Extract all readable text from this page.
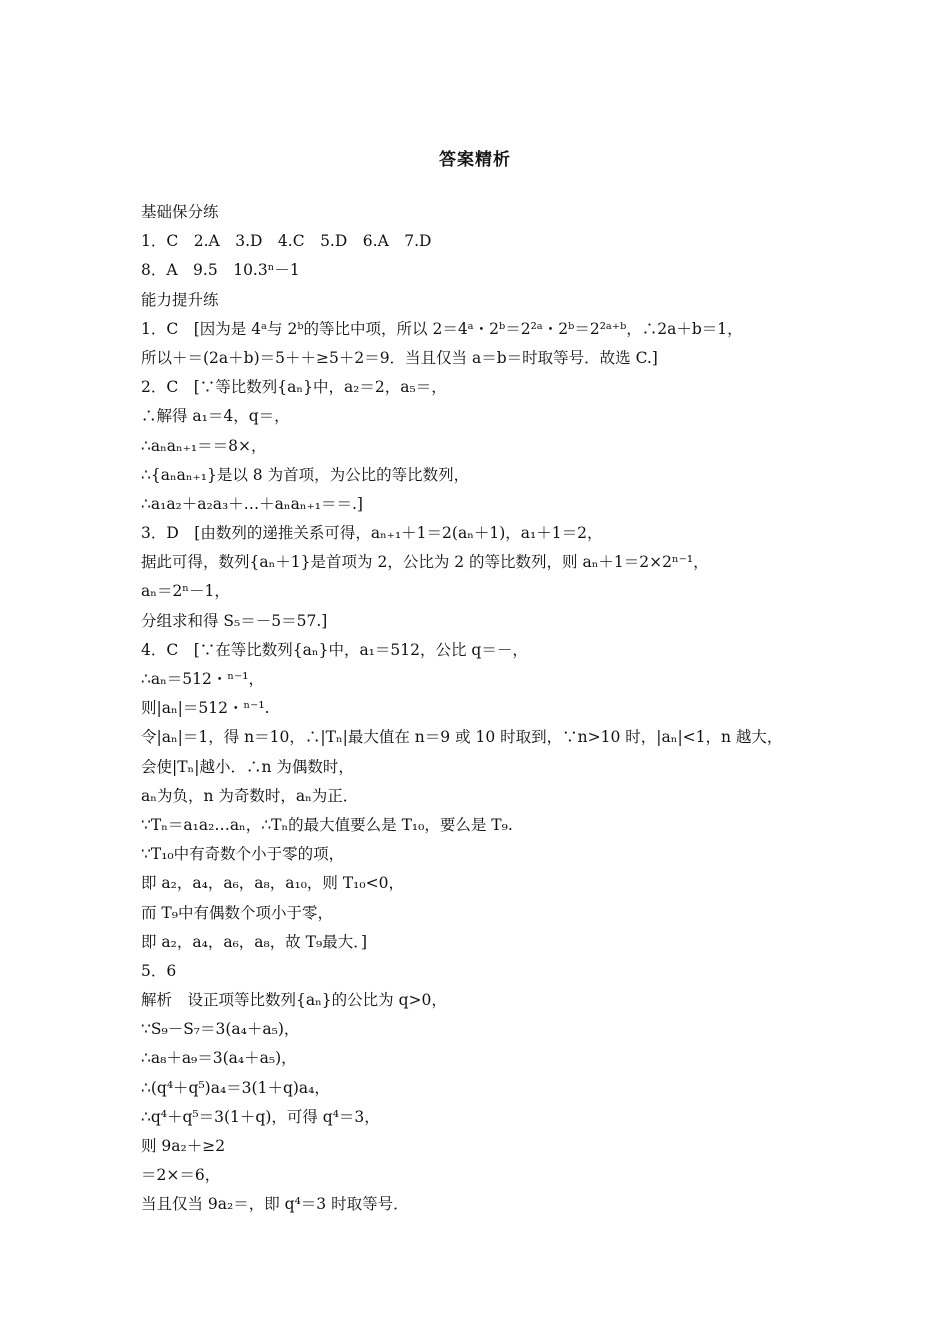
答案精析
基础保分练
1．C　2.A　3.D　4.C　5.D　6.A　7.D
8．A　9.5　10.3ⁿ－1
能力提升练
1．C　[因为是 4ᵃ与 2ᵇ的等比中项，所以 2＝4ᵃ・2ᵇ＝2²ᵃ・2ᵇ＝2²ᵃ⁺ᵇ，∴2a＋b＝1，
所以＋＝(2a＋b)＝5＋＋≥5＋2＝9．当且仅当 a＝b＝时取等号．故选 C.]
2．C　[∵等比数列{aₙ}中，a₂＝2，a₅＝，
∴解得 a₁＝4，q＝，
∴aₙaₙ₊₁＝＝8×，
∴{aₙaₙ₊₁}是以 8 为首项，为公比的等比数列，
∴a₁a₂＋a₂a₃＋…＋aₙaₙ₊₁＝＝.]
3．D　[由数列的递推关系可得，aₙ₊₁＋1＝2(aₙ＋1)，a₁＋1＝2，
据此可得，数列{aₙ＋1}是首项为 2，公比为 2 的等比数列，则 aₙ＋1＝2×2ⁿ⁻¹，
aₙ＝2ⁿ－1，
分组求和得 S₅＝－5＝57.]
4．C　[∵在等比数列{aₙ}中，a₁＝512，公比 q＝－，
∴aₙ＝512・ⁿ⁻¹，
则|aₙ|＝512・ⁿ⁻¹.
令|aₙ|＝1，得 n＝10，∴|Tₙ|最大值在 n＝9 或 10 时取到，∵n>10 时，|aₙ|<1，n 越大，
会使|Tₙ|越小．∴n 为偶数时，
aₙ为负，n 为奇数时，aₙ为正．
∵Tₙ＝a₁a₂…aₙ，∴Tₙ的最大值要么是 T₁₀，要么是 T₉.
∵T₁₀中有奇数个小于零的项，
即 a₂，a₄，a₆，a₈，a₁₀，则 T₁₀<0，
而 T₉中有偶数个项小于零，
即 a₂，a₄，a₆，a₈，故 T₉最大．]
5．6
解析　设正项等比数列{aₙ}的公比为 q>0，
∵S₉－S₇＝3(a₄＋a₅)，
∴a₈＋a₉＝3(a₄＋a₅)，
∴(q⁴＋q⁵)a₄＝3(1＋q)a₄，
∴q⁴＋q⁵＝3(1＋q)，可得 q⁴＝3，
则 9a₂＋≥2
＝2×＝6，
当且仅当 9a₂＝，即 q⁴＝3 时取等号．
